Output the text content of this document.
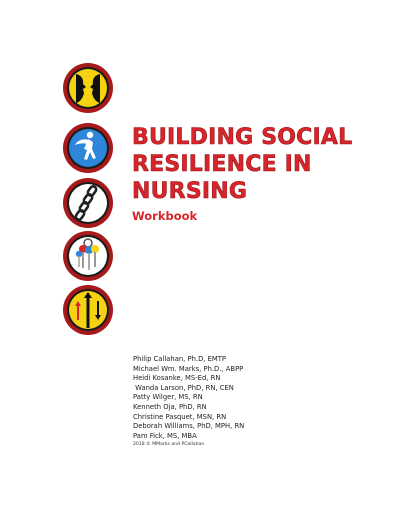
BUILDING SOCIAL
RESILIENCE IN
NURSING
Workbook
Philip Callahan, Ph.D, EMTP
Michael Wm. Marks, Ph.D., ABPP
Heidi Kosanke, MS-Ed, RN
Wanda Larson, PhD, RN, CEN
Patty Wilger, MS, RN
Kenneth Oja, PhD, RN
Christine Pasquet, MSN, RN
Deborah Williams, PhD, MPH, RN
Pam Fick, MS, MBA
2018 © MMarks and PCallahan
